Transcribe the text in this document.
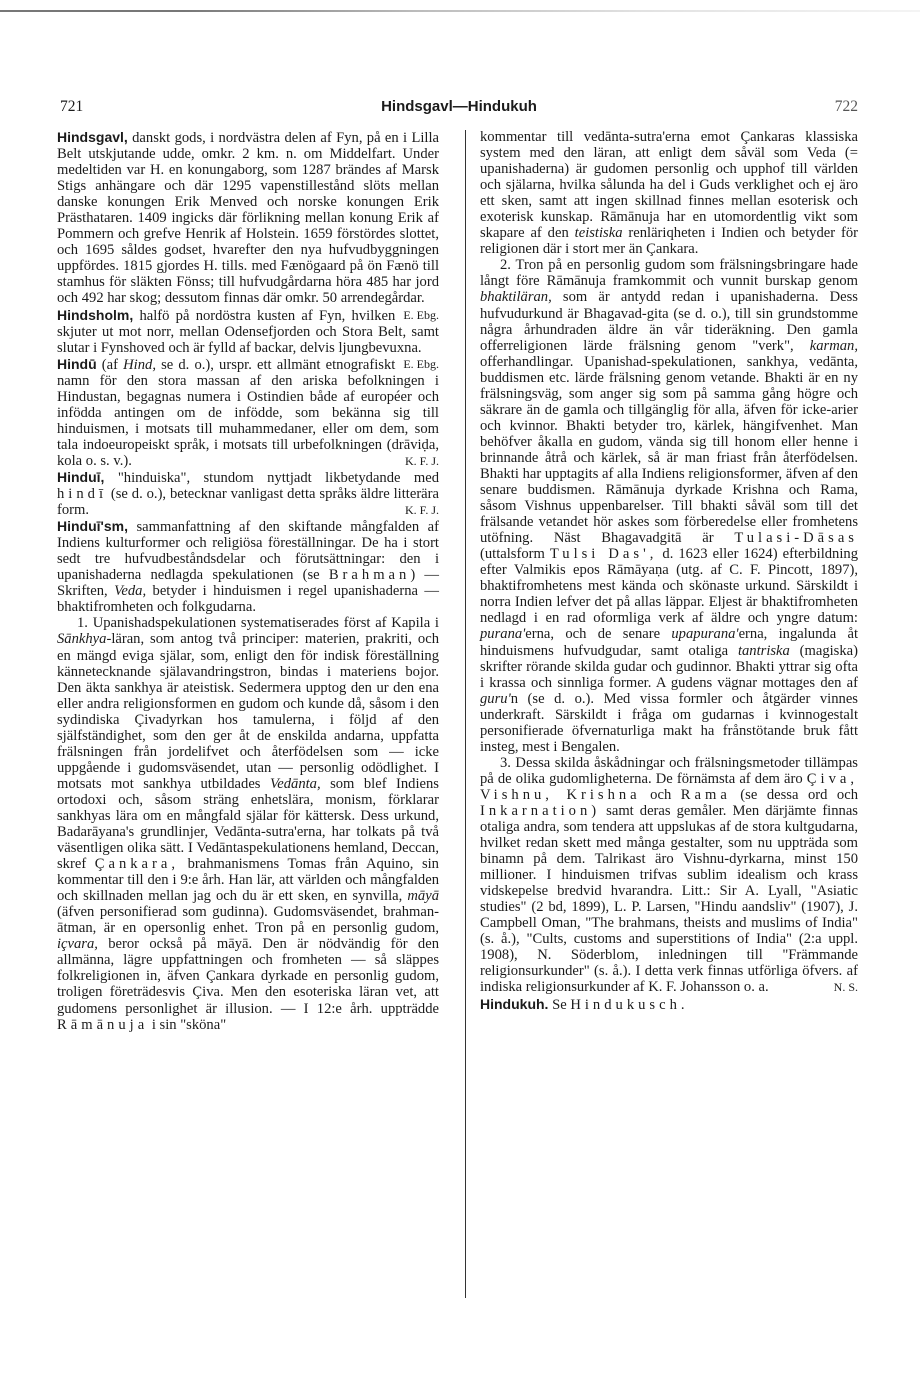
721	Hindsgavl—Hindukuh	722

Hindsgavl, danskt gods, i nordvästra delen af Fyn, på en i Lilla Belt utskjutande udde, omkr. 2 km. n. om Middelfart. Under medeltiden var H. en konungaborg, som 1287 brändes af Marsk Stigs anhängare och där 1295 vapenstillestånd slöts mellan danske konungen Erik Menved och norske konungen Erik Prästhataren. 1409 ingicks där förlikning mellan konung Erik af Pommern och grefve Henrik af Holstein. 1659 förstördes slottet, och 1695 såldes godset, hvarefter den nya hufvudbyggningen uppfördes. 1815 gjordes H. tills. med Fænögaard på ön Fænö till stamhus för släkten Fönss; till hufvudgårdarna höra 485 har jord och 492 har skog; dessutom finnas där omkr. 50 arrendegårdar.
E. Ebg.

Hindsholm, halfö på nordöstra kusten af Fyn, hvilken skjuter ut mot norr, mellan Odensefjorden och Stora Belt, samt slutar i Fynshoved och är fylld af backar, delvis ljungbevuxna.
E. Ebg.

Hindū (af Hind, se d. o.), urspr. ett allmänt etnografiskt namn för den stora massan af den ariska befolkningen i Hindustan, begagnas numera i Ostindien både af européer och infödda antingen om de infödde, som bekänna sig till hinduismen, i motsats till muhammedaner, eller om dem, som tala indoeuropeiskt språk, i motsats till urbefolkningen (drāviḍa, kola o. s. v.).	K. F. J.

Hinduī, "hinduiska", stundom nyttjadt likbetydande med hindī (se d. o.), betecknar vanligast detta språks äldre litterära form.	K. F. J.

Hinduī'sm, sammanfattning af den skiftande mångfalden af Indiens kulturformer och religiösa föreställningar. De ha i stort sedt tre hufvudbeståndsdelar och förutsättningar: den i upanishaderna nedlagda spekulationen (se Brahman) — Skriften, Veda, betyder i hinduismen i regel upanishaderna — bhaktifromheten och folkgudarna.

1. Upanishadspekulationen systematiserades först af Kapila i Sānkhya-läran, som antog två principer: materien, prakriti, och en mängd eviga själar, som, enligt den för indisk föreställning kännetecknande själavandringstron, bindas i materiens bojor. Den äkta sankhya är ateistisk. Sedermera upptog den ur den ena eller andra religionsformen en gudom och kunde då, såsom i den sydindiska Çivadyrkan hos tamulerna, i följd af den själfständighet, som den ger åt de enskilda andarna, uppfatta frälsningen från jordelifvet och återfödelsen som — icke uppgående i gudomsväsendet, utan — personlig odödlighet. I motsats mot sankhya utbildades Vedānta, som blef Indiens ortodoxi och, såsom sträng enhetslära, monism, förklarar sankhyas lära om en mångfald själar för kättersk. Dess urkund, Badarāyana's grundlinjer, Vedānta-sutra'erna, har tolkats på två väsentligen olika sätt. I Vedāntaspekulationens hemland, Deccan, skref Çankara, brahmanismens Tomas från Aquino, sin kommentar till den i 9:e årh. Han lär, att världen och mångfalden och skillnaden mellan jag och du är ett sken, en synvilla, māyā (äfven personifierad som gudinna). Gudomsväsendet, brahman-ātman, är en opersonlig enhet. Tron på en personlig gudom, içvara, beror också på māyā. Den är nödvändig för den allmänna, lägre uppfattningen och fromheten — så släppes folkreligionen in, äfven Çankara dyrkade en personlig gudom, troligen företrädesvis Çiva. Men den esoteriska läran vet, att gudomens personlighet är illusion. — I 12:e årh. uppträdde Rāmānuja i sin "sköna"

kommentar till vedānta-sutra'erna emot Çankaras klassiska system med den läran, att enligt dem såväl som Veda (= upanishaderna) är gudomen personlig och upphof till världen och själarna, hvilka sålunda ha del i Guds verklighet och ej äro ett sken, samt att ingen skillnad finnes mellan esoterisk och exoterisk kunskap. Rāmānuja har en utomordentlig vikt som skapare af den teistiska renläriqheten i Indien och betyder för religionen där i stort mer än Çankara.

2. Tron på en personlig gudom som frälsningsbringare hade långt före Rāmānuja framkommit och vunnit burskap genom bhaktiläran, som är antydd redan i upanishaderna. Dess hufvudurkund är Bhagavad-gita (se d. o.), till sin grundstomme några århundraden äldre än vår tideräkning. Den gamla offerreligionen lärde frälsning genom "verk", karman, offerhandlingar. Upanishad-spekulationen, sankhya, vedānta, buddismen etc. lärde frälsning genom vetande. Bhakti är en ny frälsningsväg, som anger sig som på samma gång högre och säkrare än de gamla och tillgänglig för alla, äfven för icke-arier och kvinnor. Bhakti betyder tro, kärlek, hängifvenhet. Man behöfver åkalla en gudom, vända sig till honom eller henne i brinnande åtrå och kärlek, så är man friast från återfödelsen. Bhakti har upptagits af alla Indiens religionsformer, äfven af den senare buddismen. Rāmānuja dyrkade Krishna och Rama, såsom Vishnus uppenbarelser. Till bhakti såväl som till det frälsande vetandet hör askes som förberedelse eller fromhetens utöfning. Näst Bhagavadgitā är Tulasi-Dāsas (uttalsform Tulsi Das', d. 1623 eller 1624) efterbildning efter Valmikis epos Rāmāyaṇa (utg. af C. F. Pincott, 1897), bhaktifromhetens mest kända och skönaste urkund. Särskildt i norra Indien lefver det på allas läppar. Eljest är bhaktifromheten nedlagd i en rad oformliga verk af äldre och yngre datum: purana'erna, och de senare upapurana'erna, ingalunda åt hinduismens hufvudgudar, samt otaliga tantriska (magiska) skrifter rörande skilda gudar och gudinnor. Bhakti yttrar sig ofta i krassa och sinnliga former. A gudens vägnar mottages den af guru'n (se d. o.). Med vissa formler och åtgärder vinnes underkraft. Särskildt i fråga om gudarnas i kvinnogestalt personifierade öfvernaturliga makt ha frånstötande bruk fått insteg, mest i Bengalen.

3. Dessa skilda åskådningar och frälsningsmetoder tillämpas på de olika gudomligheterna. De förnämsta af dem äro Çiva, Vishnu, Krishna och Rama (se dessa ord och Inkarnation) samt deras gemåler. Men därjämte finnas otaliga andra, som tendera att uppslukas af de stora kultgudarna, hvilket redan skett med många gestalter, som nu uppträda som binamn på dem. Talrikast äro Vishnu-dyrkarna, minst 150 millioner. I hinduismen trifvas sublim idealism och krass vidskepelse bredvid hvarandra. Litt.: Sir A. Lyall, "Asiatic studies" (2 bd, 1899), L. P. Larsen, "Hindu aandsliv" (1907), J. Campbell Oman, "The brahmans, theists and muslims of India" (s. å.), "Cults, customs and superstitions of India" (2:a uppl. 1908), N. Söderblom, inledningen till "Främmande religionsurkunder" (s. å.). I detta verk finnas utförliga öfvers. af indiska religionsurkunder af K. F. Johansson o. a.	N. S.

Hindukuh. Se Hindukusch.
